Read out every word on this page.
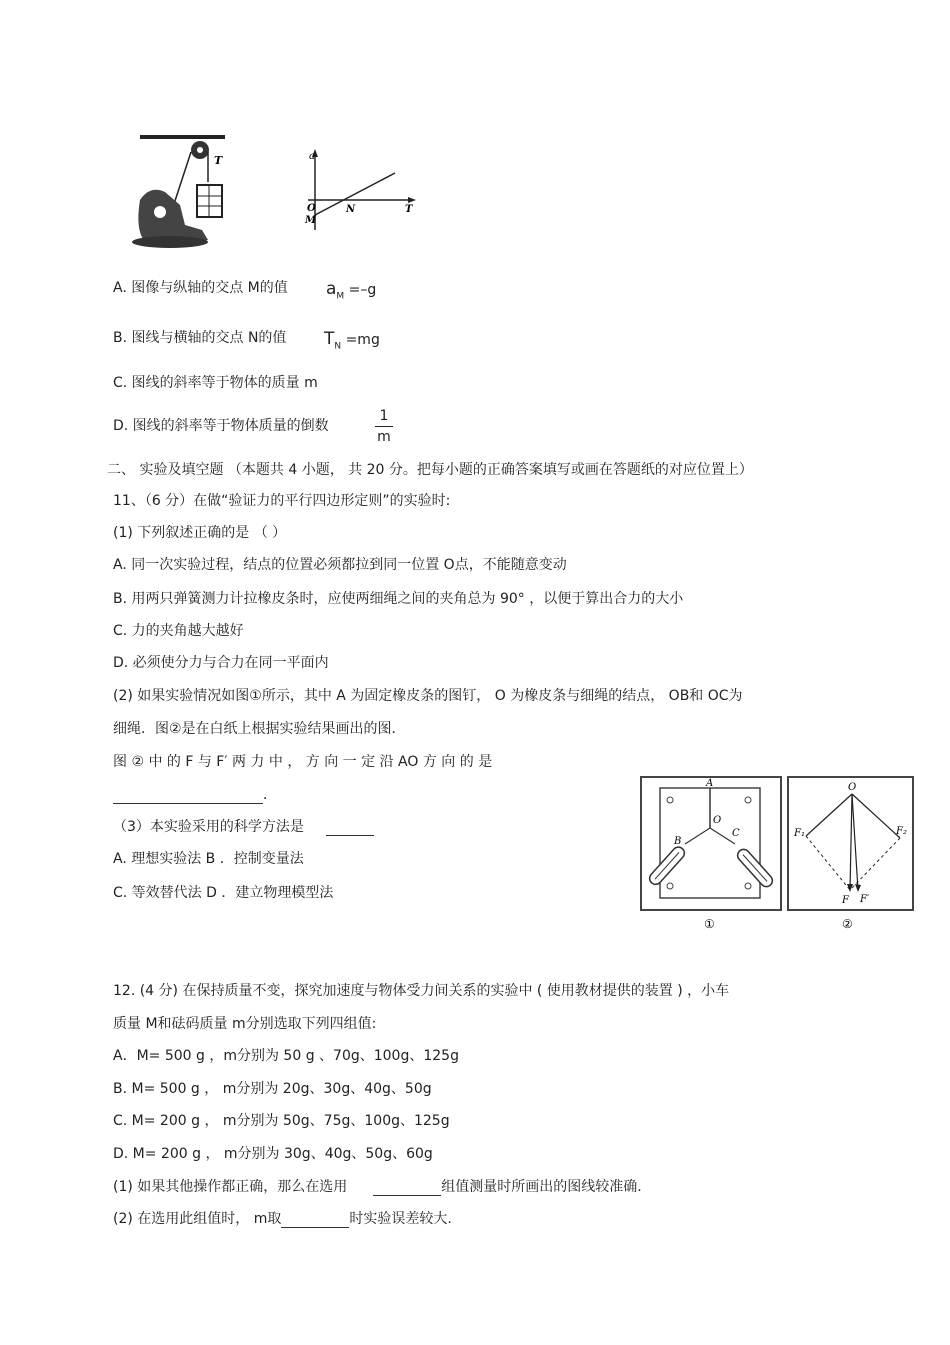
T	a
T
O
M
N
A. 图像与纵轴的交点 M的值 $a_M =-g$
B. 图线与横轴的交点 N的值 $T_N =mg$
C. 图线的斜率等于物体的质量 m
D. 图线的斜率等于物体质量的倒数
1
m
二、 实验及填空题 （本题共 4 小题， 共 20 分。把每小题的正确答案填写或画在答题纸的对应位置上）
11、（6 分）在做“验证力的平行四边形定则”的实验时:
(1) 下列叙述正确的是 （ ）
A. 同一次实验过程，结点的位置必须都拉到同一位置 O点，不能随意变动
B. 用两只弹簧测力计拉橡皮条时，应使两细绳之间的夹角总为 90° ，以便于算出合力的大小
C. 力的夹角越大越好
D. 必须使分力与合力在同一平面内
(2) 如果实验情况如图①所示，其中 A 为固定橡皮条的图钉， O 为橡皮条与细绳的结点， OB和 OC为
细绳．图②是在白纸上根据实验结果画出的图．
图 ② 中 的 F 与 F′ 两 力 中 ， 方 向 一 定 沿 AO 方 向 的 是
．
（3）本实验采用的科学方法是
A. 理想实验法 B ．控制变量法
C. 等效替代法 D ．建立物理模型法
A
O
B
C
①
O
F₁	F₂
F F′
②
12. (4 分) 在保持质量不变，探究加速度与物体受力间关系的实验中 ( 使用教材提供的装置 ) ，小车
质量 M和砝码质量 m分别选取下列四组值:
A．M= 500 g ，m分别为 50 g 、70g、100g、125g
B. M= 500 g ， m分别为 20g、30g、40g、50g
C. M= 200 g ， m分别为 50g、75g、100g、125g
D. M= 200 g ， m分别为 30g、40g、50g、60g
(1) 如果其他操作都正确，那么在选用	组值测量时所画出的图线较准确.
(2) 在选用此组值时， m取	时实验误差较大.
